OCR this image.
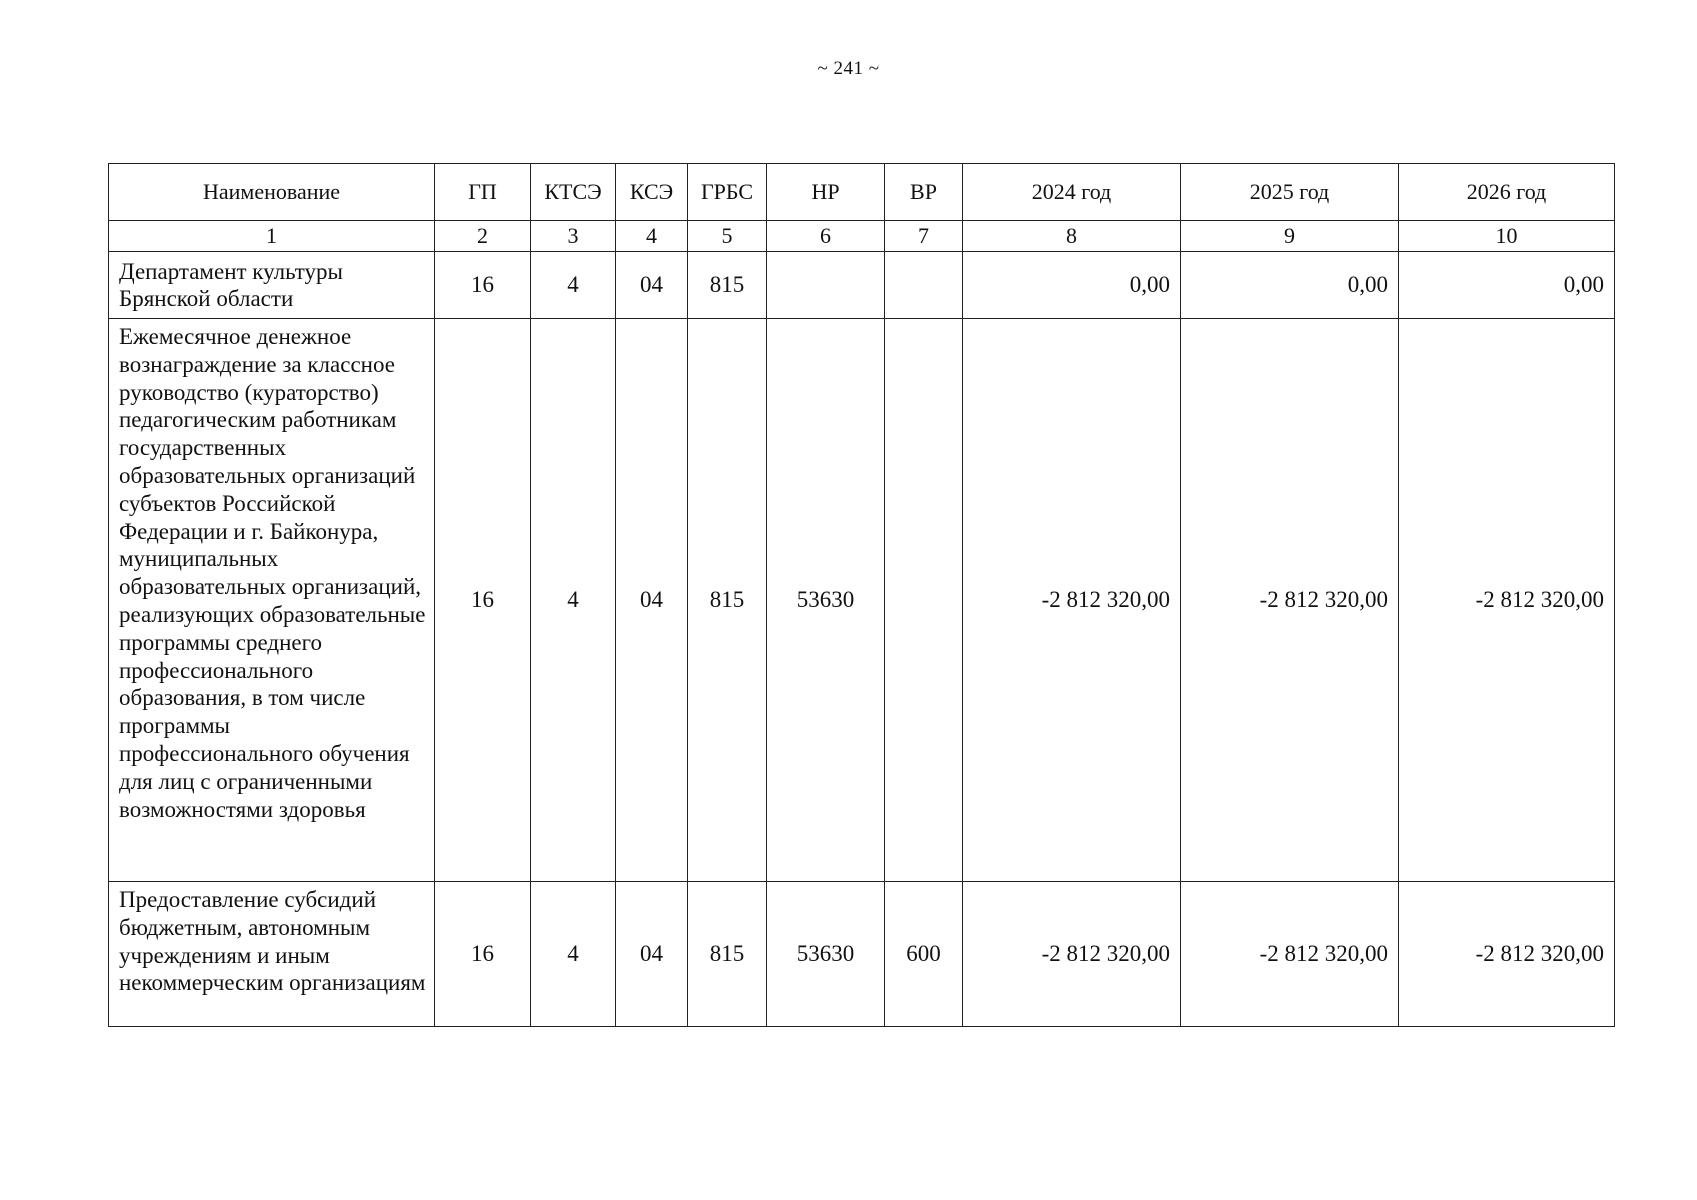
~ 241 ~
Наименование	ГП	КТСЭ	КСЭ	ГРБС	НР	ВР	2024 год	2025 год	2026 год
1	2	3	4	5	6	7	8	9	10
Департамент культуры Брянской области	16	4	04	815			0,00	0,00	0,00
Ежемесячное денежное вознаграждение за классное руководство (кураторство) педагогическим работникам государственных образовательных организаций субъектов Российской Федерации и г. Байконура, муниципальных образовательных организаций, реализующих образовательные программы среднего профессионального образования, в том числе программы профессионального обучения для лиц с ограниченными возможностями здоровья	16	4	04	815	53630		-2 812 320,00	-2 812 320,00	-2 812 320,00
Предоставление субсидий бюджетным, автономным учреждениям и иным некоммерческим организациям	16	4	04	815	53630	600	-2 812 320,00	-2 812 320,00	-2 812 320,00
